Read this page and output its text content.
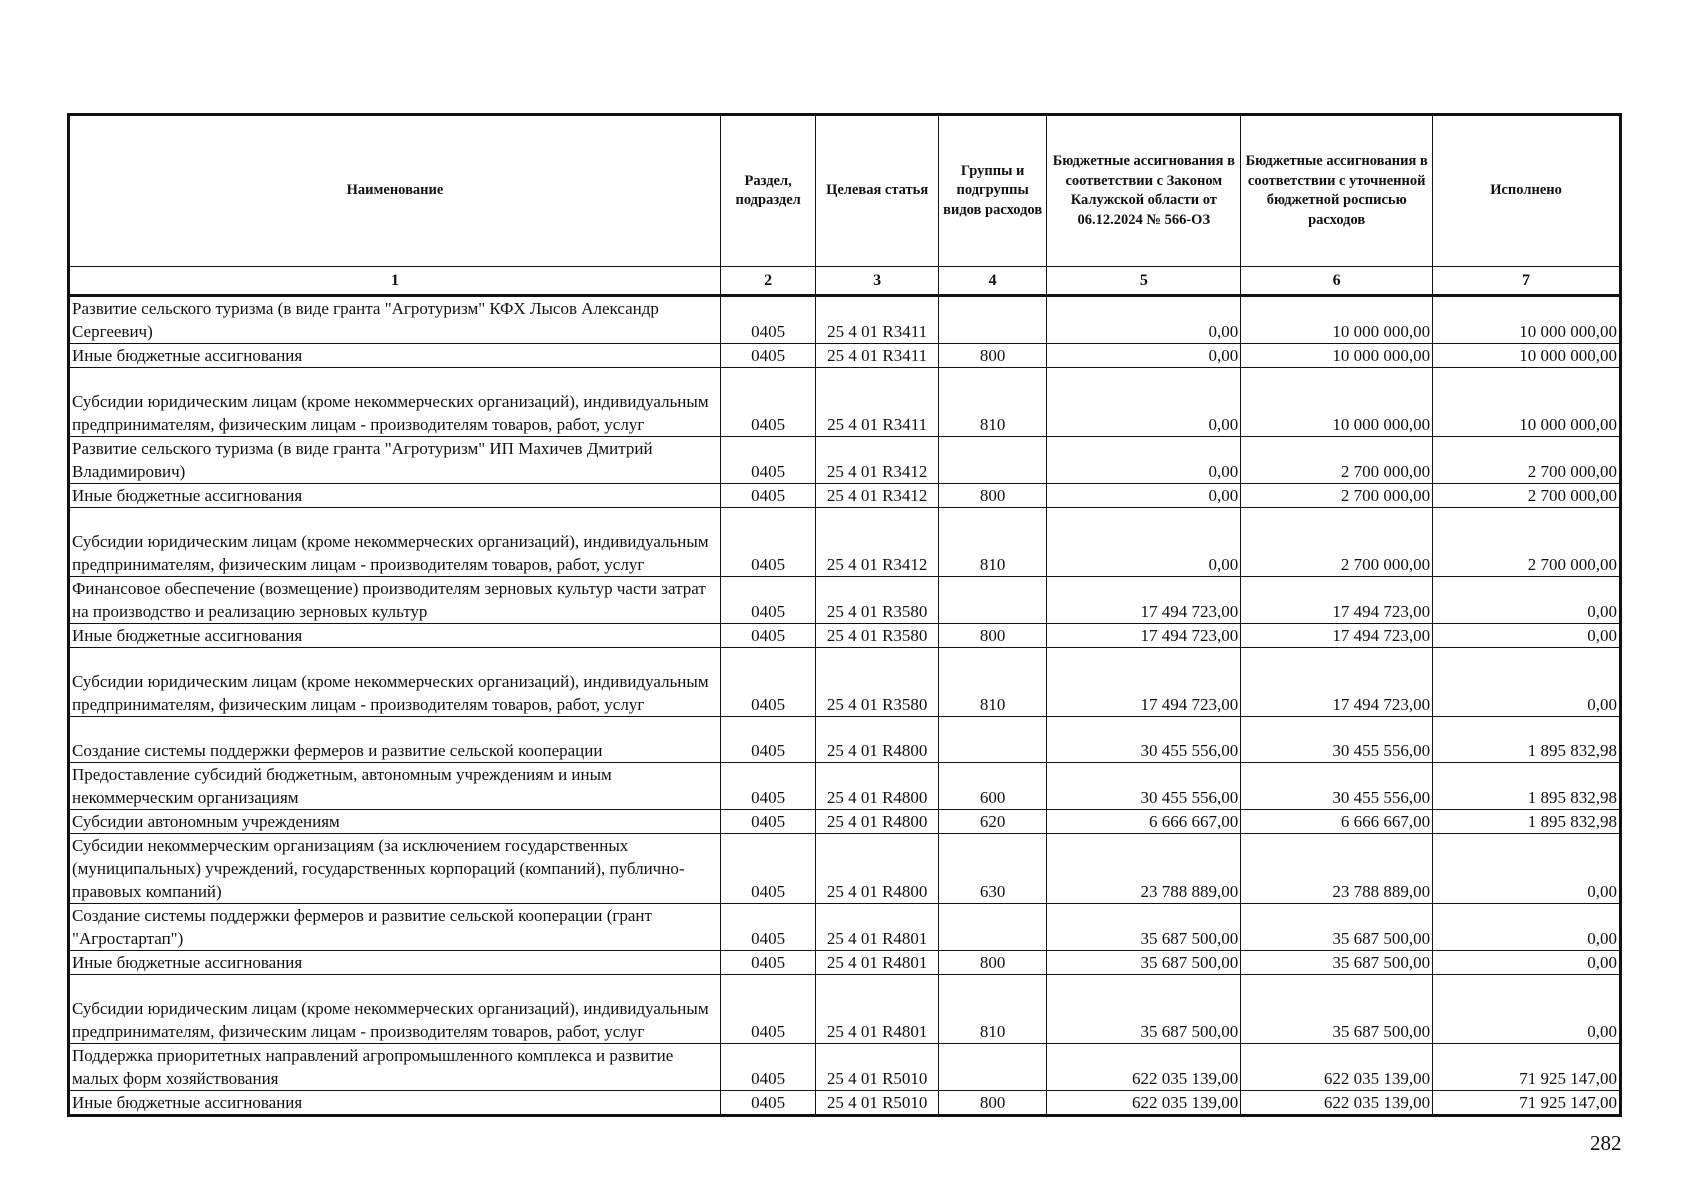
Наименование	Раздел, подраздел	Целевая статья	Группы и подгруппы видов расходов	Бюджетные ассигнования в соответствии с Законом Калужской области от 06.12.2024 № 566-ОЗ	Бюджетные ассигнования в соответствии с уточненной бюджетной росписью расходов	Исполнено
1	2	3	4	5	6	7
Развитие сельского туризма (в виде гранта "Агротуризм" КФХ Лысов Александр Сергеевич)	0405	25 4 01 R3411		0,00	10 000 000,00	10 000 000,00
Иные бюджетные ассигнования	0405	25 4 01 R3411	800	0,00	10 000 000,00	10 000 000,00
Субсидии юридическим лицам (кроме некоммерческих организаций), индивидуальным предпринимателям, физическим лицам - производителям товаров, работ, услуг	0405	25 4 01 R3411	810	0,00	10 000 000,00	10 000 000,00
Развитие сельского туризма (в виде гранта "Агротуризм" ИП Махичев Дмитрий Владимирович)	0405	25 4 01 R3412		0,00	2 700 000,00	2 700 000,00
Иные бюджетные ассигнования	0405	25 4 01 R3412	800	0,00	2 700 000,00	2 700 000,00
Субсидии юридическим лицам (кроме некоммерческих организаций), индивидуальным предпринимателям, физическим лицам - производителям товаров, работ, услуг	0405	25 4 01 R3412	810	0,00	2 700 000,00	2 700 000,00
Финансовое обеспечение (возмещение) производителям зерновых культур части затрат на производство и реализацию зерновых культур	0405	25 4 01 R3580		17 494 723,00	17 494 723,00	0,00
Иные бюджетные ассигнования	0405	25 4 01 R3580	800	17 494 723,00	17 494 723,00	0,00
Субсидии юридическим лицам (кроме некоммерческих организаций), индивидуальным предпринимателям, физическим лицам - производителям товаров, работ, услуг	0405	25 4 01 R3580	810	17 494 723,00	17 494 723,00	0,00
Создание системы поддержки фермеров и развитие сельской кооперации	0405	25 4 01 R4800		30 455 556,00	30 455 556,00	1 895 832,98
Предоставление субсидий бюджетным, автономным учреждениям и иным некоммерческим организациям	0405	25 4 01 R4800	600	30 455 556,00	30 455 556,00	1 895 832,98
Субсидии автономным учреждениям	0405	25 4 01 R4800	620	6 666 667,00	6 666 667,00	1 895 832,98
Субсидии некоммерческим организациям (за исключением государственных (муниципальных) учреждений, государственных корпораций (компаний), публично-правовых компаний)	0405	25 4 01 R4800	630	23 788 889,00	23 788 889,00	0,00
Создание системы поддержки фермеров и развитие сельской кооперации (грант "Агростартап")	0405	25 4 01 R4801		35 687 500,00	35 687 500,00	0,00
Иные бюджетные ассигнования	0405	25 4 01 R4801	800	35 687 500,00	35 687 500,00	0,00
Субсидии юридическим лицам (кроме некоммерческих организаций), индивидуальным предпринимателям, физическим лицам - производителям товаров, работ, услуг	0405	25 4 01 R4801	810	35 687 500,00	35 687 500,00	0,00
Поддержка приоритетных направлений агропромышленного комплекса и развитие малых форм хозяйствования	0405	25 4 01 R5010		622 035 139,00	622 035 139,00	71 925 147,00
Иные бюджетные ассигнования	0405	25 4 01 R5010	800	622 035 139,00	622 035 139,00	71 925 147,00
282
